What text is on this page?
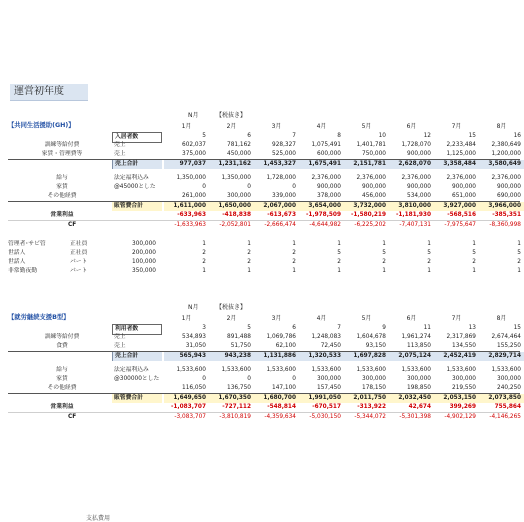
運営初年度
【共同生活援助(GH)】
N月	【税抜き】
1月	2月	3月	4月	5月	6月	7月	8月
入居者数	5	6	7	8	10	12	15	16
訓練等給付費	売上	602,037	781,162	928,327	1,075,491	1,401,781	1,728,070	2,233,484	2,380,649
家賃・管理費等	売上	375,000	450,000	525,000	600,000	750,000	900,000	1,125,000	1,200,000
売上合計	977,037	1,231,162	1,453,327	1,675,491	2,151,781	2,628,070	3,358,484	3,580,649
給与	法定福利込み	1,350,000	1,350,000	1,728,000	2,376,000	2,376,000	2,376,000	2,376,000	2,376,000
家賃	@45000とした	0	0	0	900,000	900,000	900,000	900,000	900,000
その他経費	261,000	300,000	339,000	378,000	456,000	534,000	651,000	690,000
販管費合計	1,611,000	1,650,000	2,067,000	3,654,000	3,732,000	3,810,000	3,927,000	3,966,000
営業利益	-633,963	-418,838	-613,673	-1,978,509	-1,580,219	-1,181,930	-568,516	-385,351
CF	-1,633,963	-2,052,801	-2,666,474	-4,644,982	-6,225,202	-7,407,131	-7,975,647	-8,360,998
管理者･サビ管	正社員	300,000	1	1	1	1	1	1	1	1
世話人	正社員	200,000	2	2	2	5	5	5	5	5
世話人	パート	100,000	2	2	2	2	2	2	2	2
非常勤夜勤	パート	350,000	1	1	1	1	1	1	1	1
【就労継続支援B型】
N月	【税抜き】
1月	2月	3月	4月	5月	6月	7月	8月
利用者数	3	5	6	7	9	11	13	15
訓練等給付費	売上	534,893	891,488	1,069,786	1,248,083	1,604,678	1,961,274	2,317,869	2,674,464
食費	売上	31,050	51,750	62,100	72,450	93,150	113,850	134,550	155,250
売上合計	565,943	943,238	1,131,886	1,320,533	1,697,828	2,075,124	2,452,419	2,829,714
給与	法定福利込み	1,533,600	1,533,600	1,533,600	1,533,600	1,533,600	1,533,600	1,533,600	1,533,600
家賃	@300000とした	0	0	0	300,000	300,000	300,000	300,000	300,000
その他経費	116,050	136,750	147,100	157,450	178,150	198,850	219,550	240,250
販管費合計	1,649,650	1,670,350	1,680,700	1,991,050	2,011,750	2,032,450	2,053,150	2,073,850
営業利益	-1,083,707	-727,112	-548,814	-670,517	-313,922	42,674	399,269	755,864
CF	-3,083,707	-3,810,819	-4,359,634	-5,030,150	-5,344,072	-5,301,398	-4,902,129	-4,146,265
支払費用
